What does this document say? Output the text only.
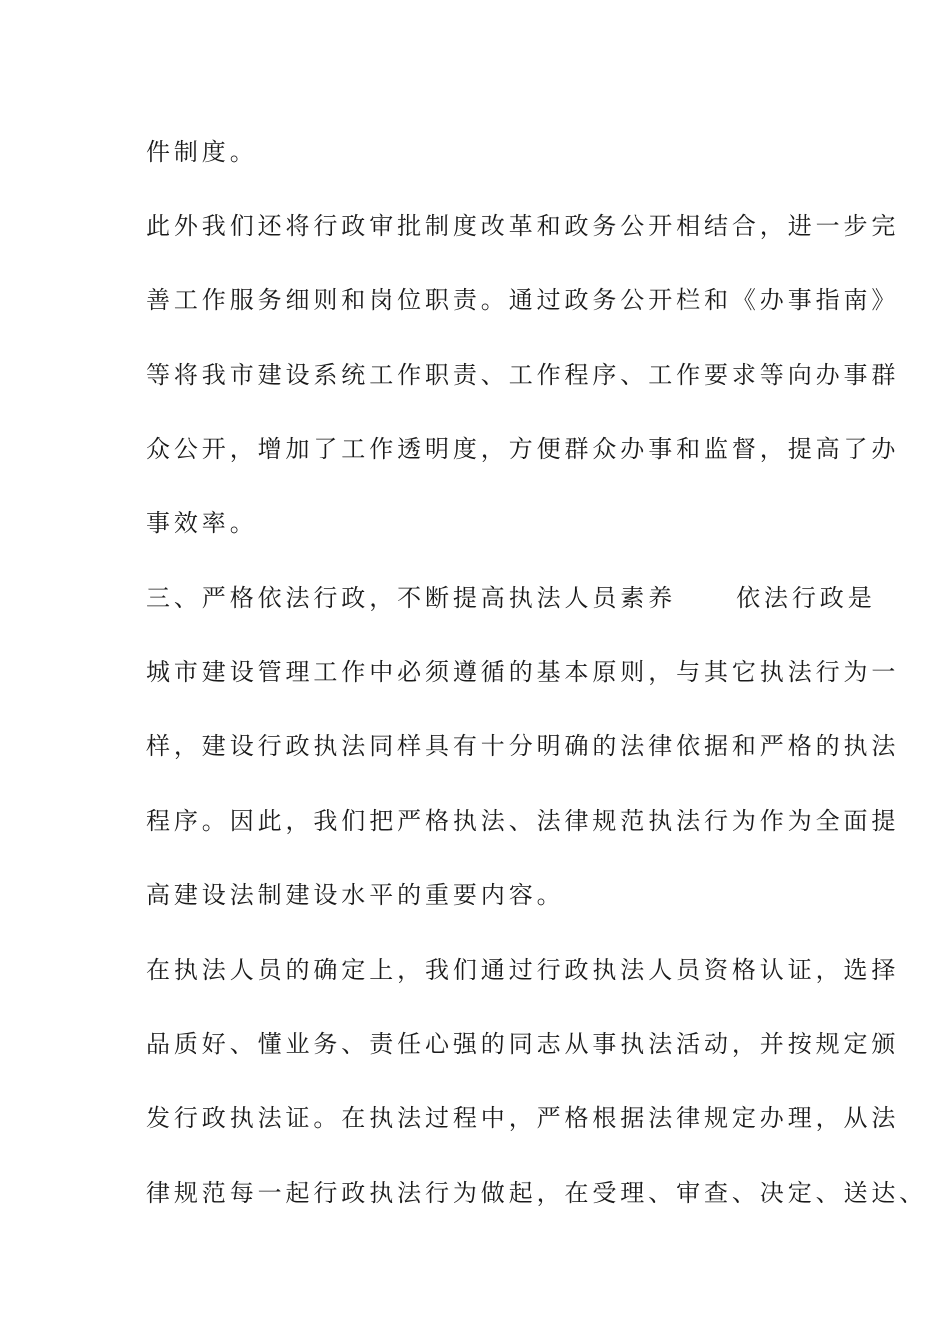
件制度。
此外我们还将行政审批制度改革和政务公开相结合，进一步完
善工作服务细则和岗位职责。通过政务公开栏和《办事指南》
等将我市建设系统工作职责、工作程序、工作要求等向办事群
众公开，增加了工作透明度，方便群众办事和监督，提高了办
事效率。
三、严格依法行政，不断提高执法人员素养	依法行政是
城市建设管理工作中必须遵循的基本原则，与其它执法行为一
样，建设行政执法同样具有十分明确的法律依据和严格的执法
程序。因此，我们把严格执法、法律规范执法行为作为全面提
高建设法制建设水平的重要内容。
在执法人员的确定上，我们通过行政执法人员资格认证，选择
品质好、懂业务、责任心强的同志从事执法活动，并按规定颁
发行政执法证。在执法过程中，严格根据法律规定办理，从法
律规范每一起行政执法行为做起，在受理、审查、决定、送达、
